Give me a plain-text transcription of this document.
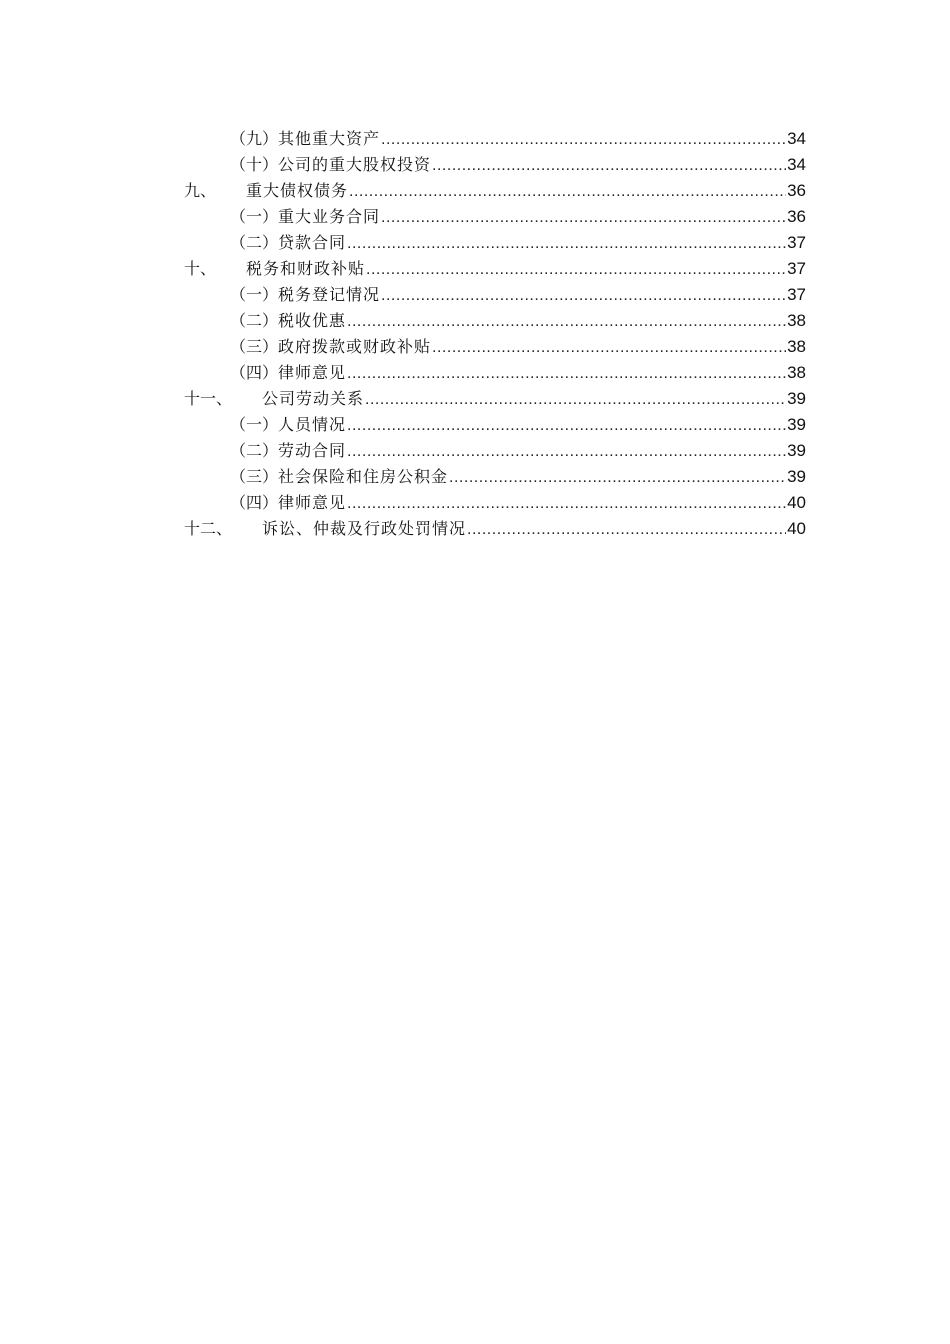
（九） 其他重大资产 .....	34
（十） 公司的重大股权投资 .....	34
九、	重大债权债务 .....	36
（一） 重大业务合同 .....	36
（二） 贷款合同 .....	37
十、	税务和财政补贴 .....	37
（一） 税务登记情况 .....	37
（二） 税收优惠 .....	38
（三） 政府拨款或财政补贴 .....	38
（四） 律师意见 .....	38
十一、	公司劳动关系 .....	39
（一） 人员情况 .....	39
（二） 劳动合同 .....	39
（三） 社会保险和住房公积金 .....	39
（四） 律师意见 .....	40
十二、	诉讼、仲裁及行政处罚情况 .....	40
